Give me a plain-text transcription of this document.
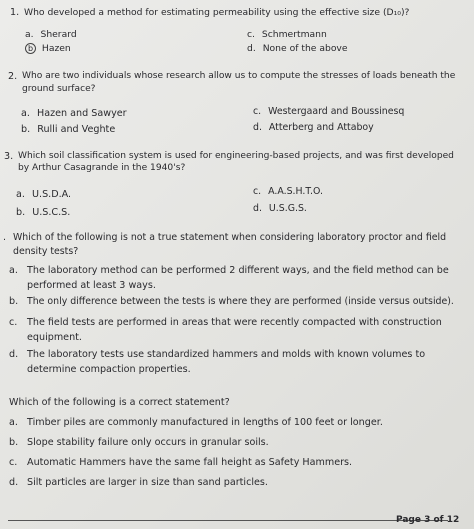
1. Who developed a method for estimating permeability using the effective size (D₁₀)?
a. Sherard
b Hazen
c. Schmertmann
d. None of the above
2. Who are two individuals whose research allow us to compute the stresses of loads beneath the
ground surface?
a. Hazen and Sawyer
b. Rulli and Veghte
c. Westergaard and Boussinesq
d. Atterberg and Attaboy
3. Which soil classification system is used for engineering-based projects, and was first developed
by Arthur Casagrande in the 1940's?
a. U.S.D.A.
b. U.S.C.S.
c. A.A.S.H.T.O.
d. U.S.G.S.
. Which of the following is not a true statement when considering laboratory proctor and field
density tests?
a. The laboratory method can be performed 2 different ways, and the field method can be
performed at least 3 ways.
b. The only difference between the tests is where they are performed (inside versus outside).
c. The field tests are performed in areas that were recently compacted with construction
equipment.
d. The laboratory tests use standardized hammers and molds with known volumes to
determine compaction properties.
Which of the following is a correct statement?
a. Timber piles are commonly manufactured in lengths of 100 feet or longer.
b. Slope stability failure only occurs in granular soils.
c. Automatic Hammers have the same fall height as Safety Hammers.
d. Silt particles are larger in size than sand particles.
Page 3 of 12
